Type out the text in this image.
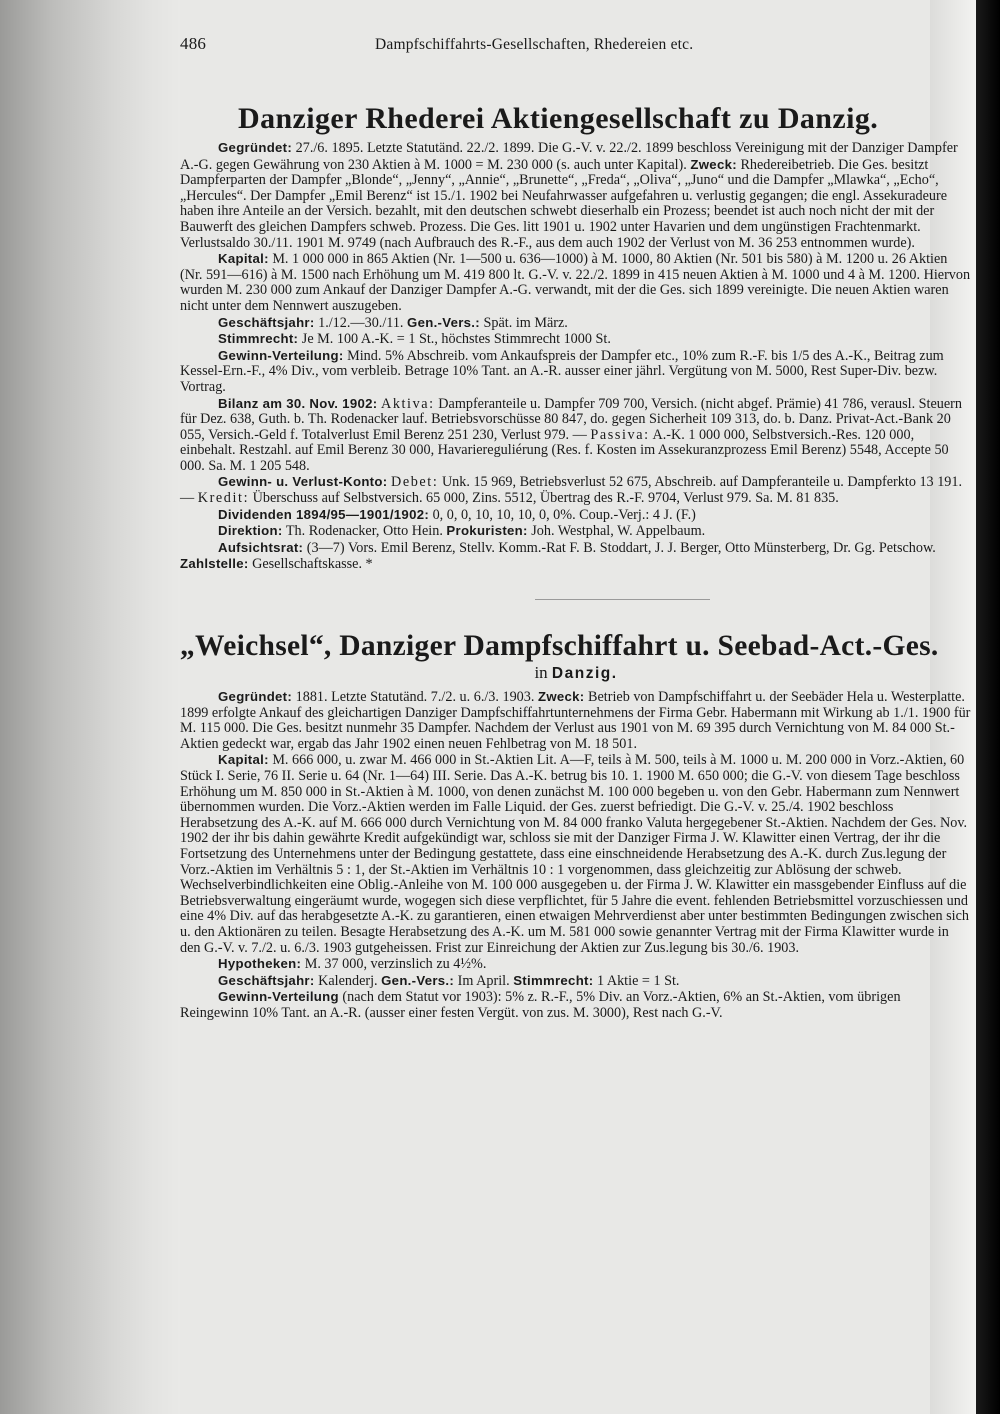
486	Dampfschiffahrts-Gesellschaften, Rhedereien etc.
Danziger Rhederei Aktiengesellschaft zu Danzig.

Gegründet: 27./6. 1895. Letzte Statutänd. 22./2. 1899. Die G.-V. v. 22./2. 1899 beschloss Vereinigung mit der Danziger Dampfer A.-G. gegen Gewährung von 230 Aktien à M. 1000 = M. 230 000 (s. auch unter Kapital). Zweck: Rhedereibetrieb. Die Ges. besitzt Dampferparten der Dampfer „Blonde“, „Jenny“, „Annie“, „Brunette“, „Freda“, „Oliva“, „Juno“ und die Dampfer „Mlawka“, „Echo“, „Hercules“. Der Dampfer „Emil Berenz“ ist 15./1. 1902 bei Neufahrwasser aufgefahren u. verlustig gegangen; die engl. Assekuradeure haben ihre Anteile an der Versich. bezahlt, mit den deutschen schwebt dieserhalb ein Prozess; beendet ist auch noch nicht der mit der Bauwerft des gleichen Dampfers schweb. Prozess. Die Ges. litt 1901 u. 1902 unter Havarien und dem ungünstigen Frachtenmarkt. Verlustsaldo 30./11. 1901 M. 9749 (nach Aufbrauch des R.-F., aus dem auch 1902 der Verlust von M. 36 253 entnommen wurde).

Kapital: M. 1 000 000 in 865 Aktien (Nr. 1—500 u. 636—1000) à M. 1000, 80 Aktien (Nr. 501 bis 580) à M. 1200 u. 26 Aktien (Nr. 591—616) à M. 1500 nach Erhöhung um M. 419 800 lt. G.-V. v. 22./2. 1899 in 415 neuen Aktien à M. 1000 und 4 à M. 1200. Hiervon wurden M. 230 000 zum Ankauf der Danziger Dampfer A.-G. verwandt, mit der die Ges. sich 1899 vereinigte. Die neuen Aktien waren nicht unter dem Nennwert auszugeben.

Geschäftsjahr: 1./12.—30./11. Gen.-Vers.: Spät. im März.

Stimmrecht: Je M. 100 A.-K. = 1 St., höchstes Stimmrecht 1000 St.

Gewinn-Verteilung: Mind. 5% Abschreib. vom Ankaufspreis der Dampfer etc., 10% zum R.-F. bis 1/5 des A.-K., Beitrag zum Kessel-Ern.-F., 4% Div., vom verbleib. Betrage 10% Tant. an A.-R. ausser einer jährl. Vergütung von M. 5000, Rest Super-Div. bezw. Vortrag.

Bilanz am 30. Nov. 1902: Aktiva: Dampferanteile u. Dampfer 709 700, Versich. (nicht abgef. Prämie) 41 786, verausl. Steuern für Dez. 638, Guth. b. Th. Rodenacker lauf. Betriebsvorschüsse 80 847, do. gegen Sicherheit 109 313, do. b. Danz. Privat-Act.-Bank 20 055, Versich.-Geld f. Totalverlust Emil Berenz 251 230, Verlust 979. — Passiva: A.-K. 1 000 000, Selbstversich.-Res. 120 000, einbehalt. Restzahl. auf Emil Berenz 30 000, Havariereguliérung (Res. f. Kosten im Assekuranzprozess Emil Berenz) 5548, Accepte 50 000. Sa. M. 1 205 548.

Gewinn- u. Verlust-Konto: Debet: Unk. 15 969, Betriebsverlust 52 675, Abschreib. auf Dampferanteile u. Dampferkto 13 191. — Kredit: Überschuss auf Selbstversich. 65 000, Zins. 5512, Übertrag des R.-F. 9704, Verlust 979. Sa. M. 81 835.

Dividenden 1894/95—1901/1902: 0, 0, 0, 10, 10, 10, 0, 0%. Coup.-Verj.: 4 J. (F.)

Direktion: Th. Rodenacker, Otto Hein. Prokuristen: Joh. Westphal, W. Appelbaum.

Aufsichtsrat: (3—7) Vors. Emil Berenz, Stellv. Komm.-Rat F. B. Stoddart, J. J. Berger, Otto Münsterberg, Dr. Gg. Petschow. Zahlstelle: Gesellschaftskasse. *

„Weichsel“, Danziger Dampfschiffahrt u. Seebad-Act.-Ges.
in Danzig.

Gegründet: 1881. Letzte Statutänd. 7./2. u. 6./3. 1903. Zweck: Betrieb von Dampfschiffahrt u. der Seebäder Hela u. Westerplatte. 1899 erfolgte Ankauf des gleichartigen Danziger Dampfschiffahrtunternehmens der Firma Gebr. Habermann mit Wirkung ab 1./1. 1900 für M. 115 000. Die Ges. besitzt nunmehr 35 Dampfer. Nachdem der Verlust aus 1901 von M. 69 395 durch Vernichtung von M. 84 000 St.-Aktien gedeckt war, ergab das Jahr 1902 einen neuen Fehlbetrag von M. 18 501.

Kapital: M. 666 000, u. zwar M. 466 000 in St.-Aktien Lit. A—F, teils à M. 500, teils à M. 1000 u. M. 200 000 in Vorz.-Aktien, 60 Stück I. Serie, 76 II. Serie u. 64 (Nr. 1—64) III. Serie. Das A.-K. betrug bis 10. 1. 1900 M. 650 000; die G.-V. von diesem Tage beschloss Erhöhung um M. 850 000 in St.-Aktien à M. 1000, von denen zunächst M. 100 000 begeben u. von den Gebr. Habermann zum Nennwert übernommen wurden. Die Vorz.-Aktien werden im Falle Liquid. der Ges. zuerst befriedigt. Die G.-V. v. 25./4. 1902 beschloss Herabsetzung des A.-K. auf M. 666 000 durch Vernichtung von M. 84 000 franko Valuta hergegebener St.-Aktien. Nachdem der Ges. Nov. 1902 der ihr bis dahin gewährte Kredit aufgekündigt war, schloss sie mit der Danziger Firma J. W. Klawitter einen Vertrag, der ihr die Fortsetzung des Unternehmens unter der Bedingung gestattete, dass eine einschneidende Herabsetzung des A.-K. durch Zus.legung der Vorz.-Aktien im Verhältnis 5 : 1, der St.-Aktien im Verhältnis 10 : 1 vorgenommen, dass gleichzeitig zur Ablösung der schweb. Wechselverbindlichkeiten eine Oblig.-Anleihe von M. 100 000 ausgegeben u. der Firma J. W. Klawitter ein massgebender Einfluss auf die Betriebsverwaltung eingeräumt wurde, wogegen sich diese verpflichtet, für 5 Jahre die event. fehlenden Betriebsmittel vorzuschiessen und eine 4% Div. auf das herabgesetzte A.-K. zu garantieren, einen etwaigen Mehrverdienst aber unter bestimmten Bedingungen zwischen sich u. den Aktionären zu teilen. Besagte Herabsetzung des A.-K. um M. 581 000 sowie genannter Vertrag mit der Firma Klawitter wurde in den G.-V. v. 7./2. u. 6./3. 1903 gutgeheissen. Frist zur Einreichung der Aktien zur Zus.legung bis 30./6. 1903.

Hypotheken: M. 37 000, verzinslich zu 4½%.

Geschäftsjahr: Kalenderj. Gen.-Vers.: Im April. Stimmrecht: 1 Aktie = 1 St.

Gewinn-Verteilung (nach dem Statut vor 1903): 5% z. R.-F., 5% Div. an Vorz.-Aktien, 6% an St.-Aktien, vom übrigen Reingewinn 10% Tant. an A.-R. (ausser einer festen Vergüt. von zus. M. 3000), Rest nach G.-V.
